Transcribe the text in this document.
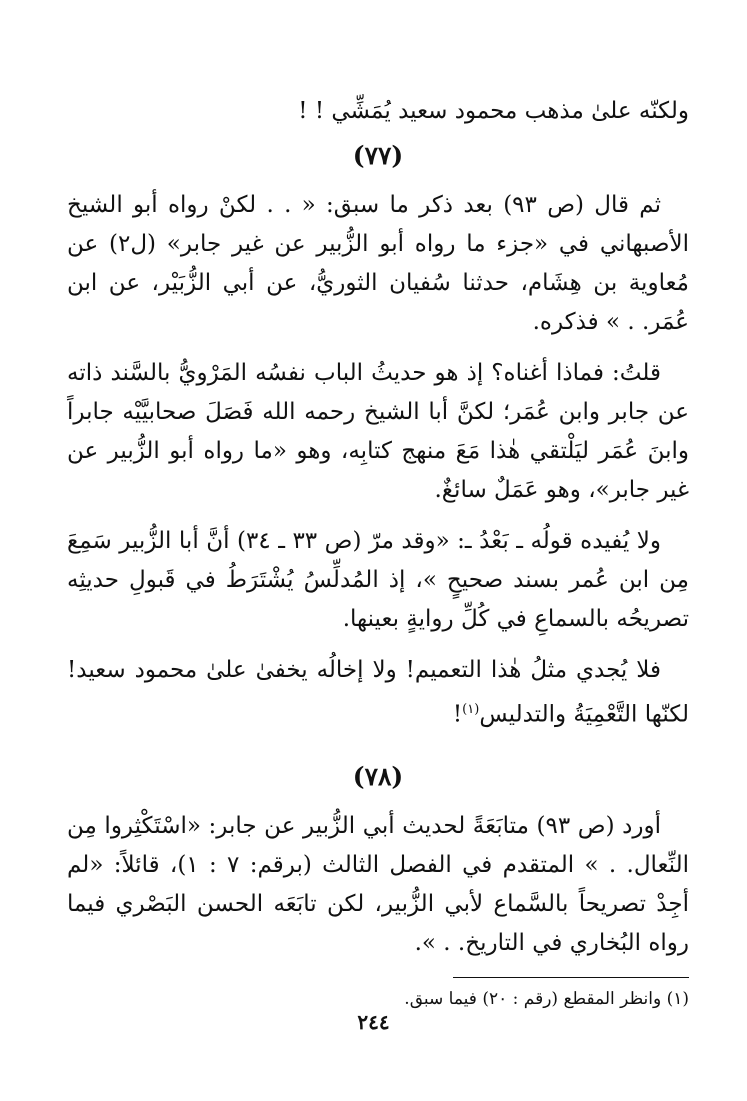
ولكنّه علىٰ مذهب محمود سعيد يُمَشِّي ! !

(٧٧)

ثم قال (ص ٩٣) بعد ذكر ما سبق: « . . لكنْ رواه أبو الشيخ الأصبهاني في «جزء ما رواه أبو الزُّبير عن غير جابر» (ل٢) عن مُعاوية بن هِشَام، حدثنا سُفيان الثوريُّ، عن أبي الزُّبَيْر، عن ابن عُمَر. . » فذكره.

قلتُ: فماذا أغناه؟ إذ هو حديثُ الباب نفسُه المَرْويُّ بالسَّند ذاته عن جابر وابن عُمَر؛ لكنَّ أبا الشيخ رحمه الله فَصَلَ صحابيَّيْه جابراً وابنَ عُمَر ليَلْتقي هٰذا مَعَ منهج كتابِه، وهو «ما رواه أبو الزُّبير عن غير جابر»، وهو عَمَلٌ سائغٌ.

ولا يُفيده قولُه ـ بَعْدُ ـ: «وقد مرّ (ص ٣٣ ـ ٣٤) أنَّ أبا الزُّبير سَمِعَ مِن ابن عُمر بسند صحيحٍ »، إذ المُدلِّسُ يُشْتَرَطُ في قَبولِ حديثِه تصريحُه بالسماعِ في كُلِّ روايةٍ بعينها.

فلا يُجدي مثلُ هٰذا التعميم! ولا إخالُه يخفىٰ علىٰ محمود سعيد! لكنّها التَّعْمِيَةُ والتدليس$^{(١)}$!

(٧٨)

أورد (ص ٩٣) متابَعَةً لحديث أبي الزُّبير عن جابر: «اسْتَكْثِروا مِن النِّعال. . » المتقدم في الفصل الثالث (برقم: ٧ : ١)، قائلاً: «لم أجِدْ تصريحاً بالسَّماع لأبي الزُّبير، لكن تابَعَه الحسن البَصْري فيما رواه البُخاري في التاريخ. . ».

(١) وانظر المقطع (رقم : ٢٠) فيما سبق.

٢٤٤
